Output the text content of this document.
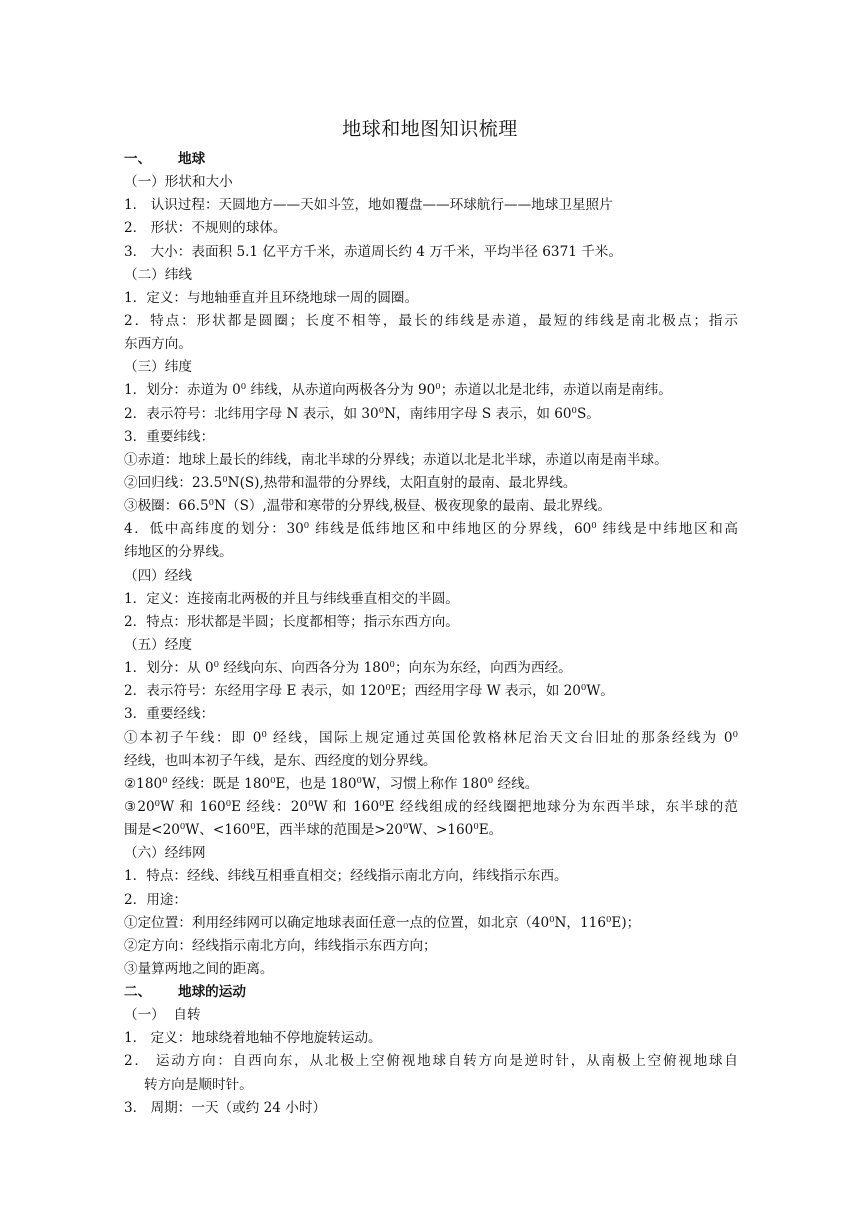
地球和地图知识梳理
一、 地球
（一）形状和大小
1． 认识过程：天圆地方——天如斗笠，地如覆盘——环球航行——地球卫星照片
2． 形状：不规则的球体。
3． 大小：表面积 5.1 亿平方千米，赤道周长约 4 万千米，平均半径 6371 千米。
（二）纬线
1．定义：与地轴垂直并且环绕地球一周的圆圈。
2．特点：形状都是圆圈；长度不相等，最长的纬线是赤道，最短的纬线是南北极点；指示
东西方向。
（三）纬度
1．划分：赤道为 $0^0$ 纬线，从赤道向两极各分为 $90^0$；赤道以北是北纬，赤道以南是南纬。
2．表示符号：北纬用字母 N 表示，如 $30^0N$，南纬用字母 S 表示，如 $60^0S$。
3．重要纬线：
①赤道：地球上最长的纬线，南北半球的分界线；赤道以北是北半球，赤道以南是南半球。
②回归线：23.5$^0$N(S),热带和温带的分界线，太阳直射的最南、最北界线。
③极圈：66.5$^0$N（S）,温带和寒带的分界线,极昼、极夜现象的最南、最北界线。
4．低中高纬度的划分：$30^0$ 纬线是低纬地区和中纬地区的分界线，$60^0$ 纬线是中纬地区和高
纬地区的分界线。
（四）经线
1．定义：连接南北两极的并且与纬线垂直相交的半圆。
2．特点：形状都是半圆；长度都相等；指示东西方向。
（五）经度
1．划分：从 $0^0$ 经线向东、向西各分为 $180^0$；向东为东经，向西为西经。
2．表示符号：东经用字母 E 表示，如 $120^0E$；西经用字母 W 表示，如 $20^0W$。
3．重要经线：
①本初子午线：即 $0^0$ 经线，国际上规定通过英国伦敦格林尼治天文台旧址的那条经线为 $0^0$
经线，也叫本初子午线，是东、西经度的划分界线。
$②180^0$ 经线：既是 $180^0E$，也是 $180^0W$，习惯上称作 $180^0$ 经线。
$③20^0W$ 和 $160^0E$ 经线：$20^0W$ 和 $160^0E$ 经线组成的经线圈把地球分为东西半球，东半球的范
围是$<20^0W$、$<160^0E$，西半球的范围是$>20^0W$、$>160^0E$。
（六）经纬网
1．特点：经线、纬线互相垂直相交；经线指示南北方向，纬线指示东西。
2．用途：
①定位置：利用经纬网可以确定地球表面任意一点的位置，如北京（$40^0N$，$116^0E$)；
②定方向：经线指示南北方向，纬线指示东西方向；
③量算两地之间的距离。
二、 地球的运动
（一）  自转
1． 定义：地球绕着地轴不停地旋转运动。
2． 运动方向：自西向东，从北极上空俯视地球自转方向是逆时针，从南极上空俯视地球自
转方向是顺时针。
3． 周期：一天（或约 24 小时）
